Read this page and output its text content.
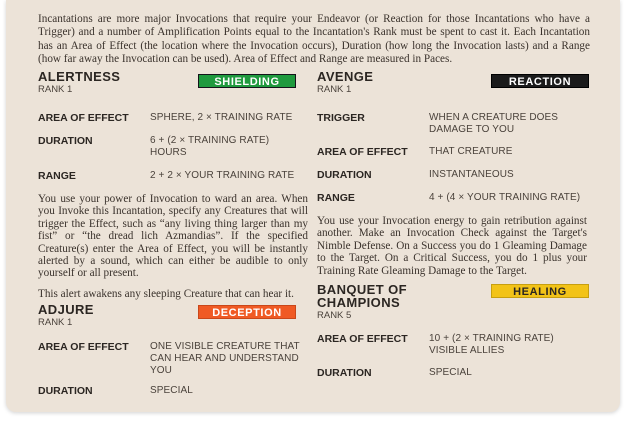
Incantations are more major Invocations that require your Endeavor (or Reaction for those Incantations who have a Trigger) and a number of Amplification Points equal to the Incantation's Rank must be spent to cast it. Each Incantation has an Area of Effect (the location where the Invocation occurs), Duration (how long the Invocation lasts) and a Range (how far away the Invocation can be used). Area of Effect and Range are measured in Paces.

ALERTNESS
RANK 1
SHIELDING
AREA OF EFFECT	SPHERE, 2 × TRAINING RATE
DURATION	6 + (2 × TRAINING RATE) HOURS
RANGE	2 + 2 × YOUR TRAINING RATE

You use your power of Invocation to ward an area. When you Invoke this Incantation, specify any Creatures that will trigger the Effect, such as “any living thing larger than my fist” or “the dread lich Azmandias”. If the specified Creature(s) enter the Area of Effect, you will be instantly alerted by a sound, which can either be audible to only yourself or all present.

This alert awakens any sleeping Creature that can hear it.

ADJURE
RANK 1
DECEPTION
AREA OF EFFECT	ONE VISIBLE CREATURE THAT CAN HEAR AND UNDERSTAND YOU
DURATION	SPECIAL
AVENGE
RANK 1
REACTION
TRIGGER	WHEN A CREATURE DOES DAMAGE TO YOU
AREA OF EFFECT	THAT CREATURE
DURATION	INSTANTANEOUS
RANGE	4 + (4 × YOUR TRAINING RATE)

You use your Invocation energy to gain retribution against another. Make an Invocation Check against the Target's Nimble Defense. On a Success you do 1 Gleaming Damage to the Target. On a Critical Success, you do 1 plus your Training Rate Gleaming Damage to the Target.

BANQUET OF
CHAMPIONS
RANK 5
HEALING
AREA OF EFFECT	10 + (2 × TRAINING RATE) VISIBLE ALLIES
DURATION	SPECIAL
